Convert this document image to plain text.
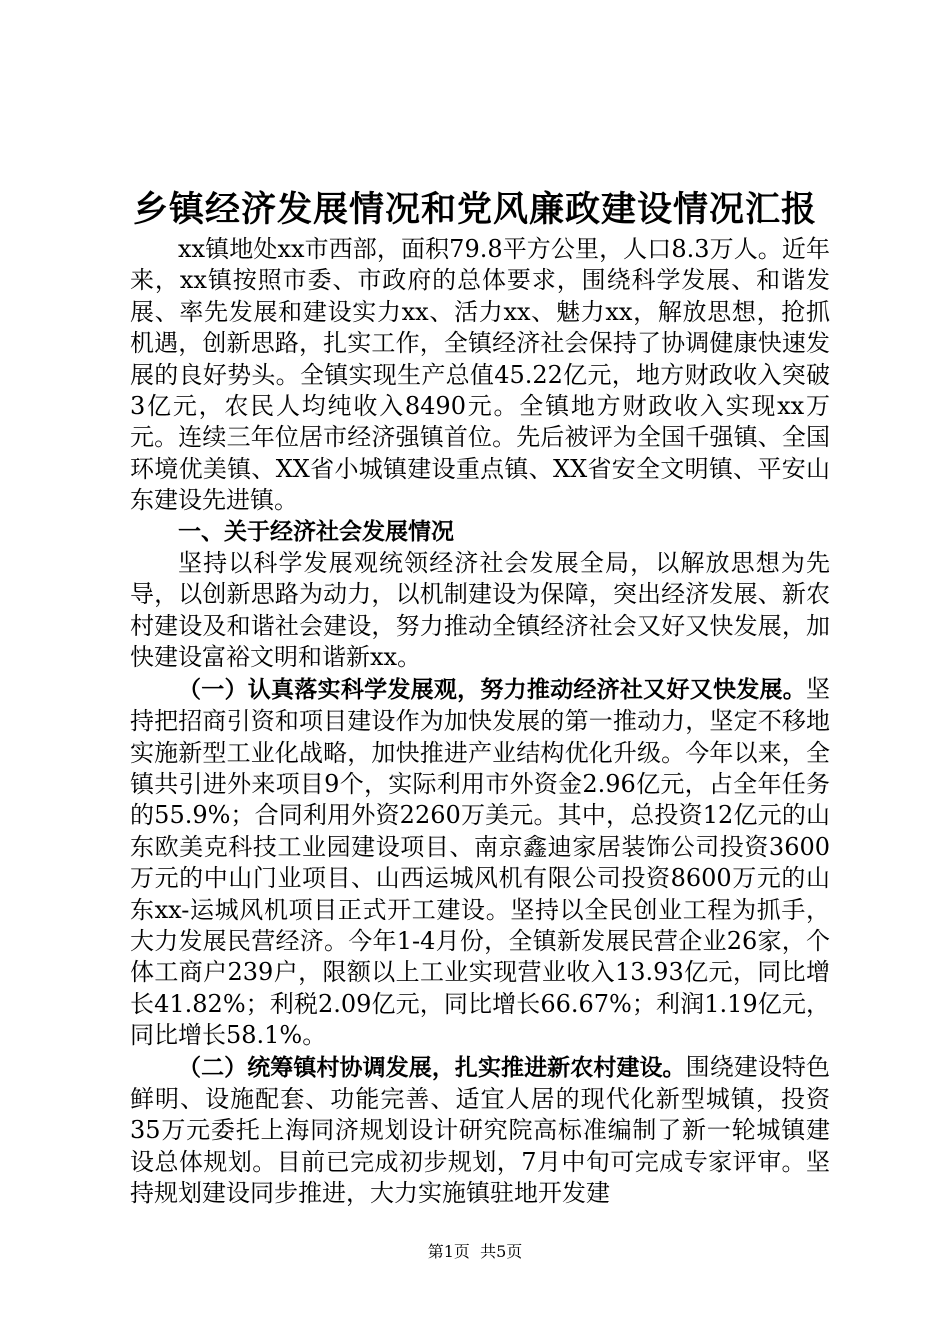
乡镇经济发展情况和党风廉政建设情况汇报

xx镇地处xx市西部，面积79.8平方公里，人口8.3万人。近年来，xx镇按照市委、市政府的总体要求，围绕科学发展、和谐发展、率先发展和建设实力xx、活力xx、魅力xx，解放思想，抢抓机遇，创新思路，扎实工作，全镇经济社会保持了协调健康快速发展的良好势头。全镇实现生产总值45.22亿元，地方财政收入突破3亿元，农民人均纯收入8490元。全镇地方财政收入实现xx万元。连续三年位居市经济强镇首位。先后被评为全国千强镇、全国环境优美镇、XX省小城镇建设重点镇、XX省安全文明镇、平安山东建设先进镇。

一、关于经济社会发展情况

坚持以科学发展观统领经济社会发展全局，以解放思想为先导，以创新思路为动力，以机制建设为保障，突出经济发展、新农村建设及和谐社会建设，努力推动全镇经济社会又好又快发展，加快建设富裕文明和谐新xx。

（一）认真落实科学发展观，努力推动经济社又好又快发展。坚持把招商引资和项目建设作为加快发展的第一推动力，坚定不移地实施新型工业化战略，加快推进产业结构优化升级。今年以来，全镇共引进外来项目9个，实际利用市外资金2.96亿元，占全年任务的55.9%；合同利用外资2260万美元。其中，总投资12亿元的山东欧美克科技工业园建设项目、南京鑫迪家居装饰公司投资3600万元的中山门业项目、山西运城风机有限公司投资8600万元的山东xx-运城风机项目正式开工建设。坚持以全民创业工程为抓手，大力发展民营经济。今年1-4月份，全镇新发展民营企业26家，个体工商户239户，限额以上工业实现营业收入13.93亿元，同比增长41.82%；利税2.09亿元，同比增长66.67%；利润1.19亿元，同比增长58.1%。

（二）统筹镇村协调发展，扎实推进新农村建设。围绕建设特色鲜明、设施配套、功能完善、适宜人居的现代化新型城镇，投资35万元委托上海同济规划设计研究院高标准编制了新一轮城镇建设总体规划。目前已完成初步规划，7月中旬可完成专家评审。坚持规划建设同步推进，大力实施镇驻地开发建

第1页  共5页
